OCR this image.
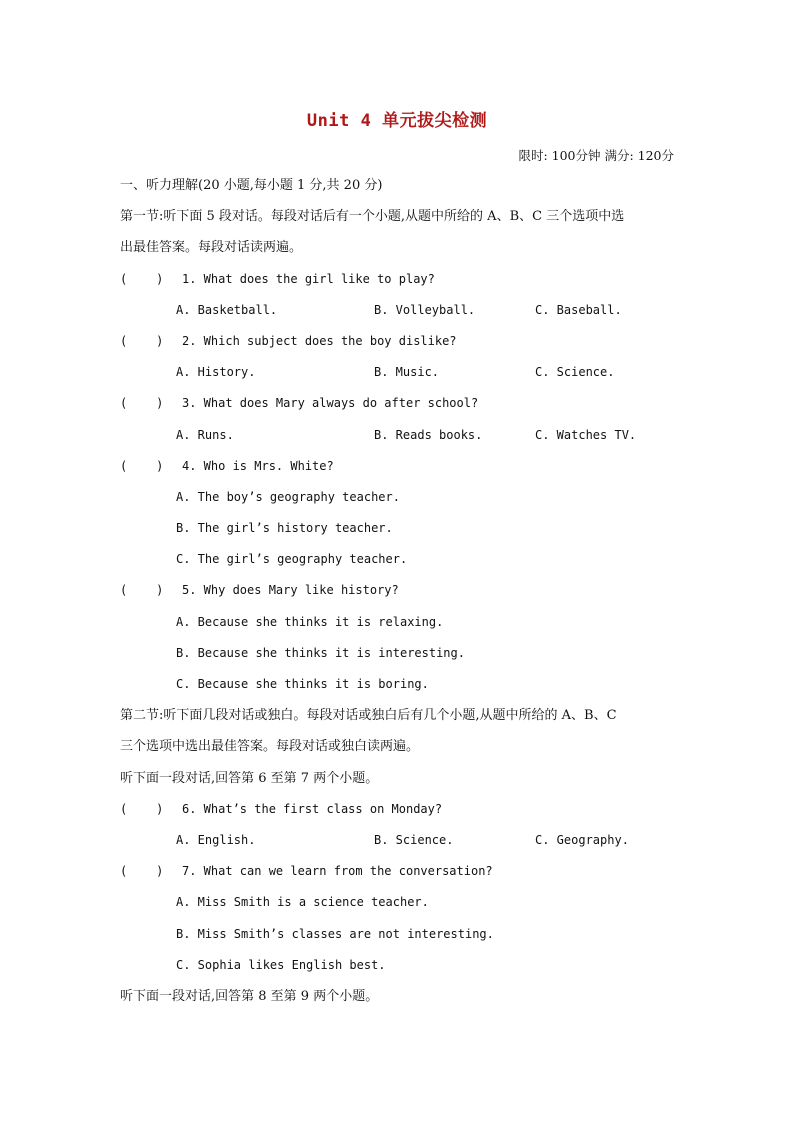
Unit 4 单元拔尖检测
限时: 100分钟 满分: 120分
一、听力理解(20 小题,每小题 1 分,共 20 分)
第一节:听下面 5 段对话。每段对话后有一个小题,从题中所给的 A、B、C 三个选项中选
出最佳答案。每段对话读两遍。
(    )	1. What does the girl like to play?
A. Basketball.	B. Volleyball.	C. Baseball.
(    )	2. Which subject does the boy dislike?
A. History.	B. Music.	C. Science.
(    )	3. What does Mary always do after school?
A. Runs.	B. Reads books.	C. Watches TV.
(    )	4. Who is Mrs. White?
A. The boy’s geography teacher.
B. The girl’s history teacher.
C. The girl’s geography teacher.
(    )	5. Why does Mary like history?
A. Because she thinks it is relaxing.
B. Because she thinks it is interesting.
C. Because she thinks it is boring.
第二节:听下面几段对话或独白。每段对话或独白后有几个小题,从题中所给的 A、B、C
三个选项中选出最佳答案。每段对话或独白读两遍。
听下面一段对话,回答第 6 至第 7 两个小题。
(    )	6. What’s the first class on Monday?
A. English.	B. Science.	C. Geography.
(    )	7. What can we learn from the conversation?
A. Miss Smith is a science teacher.
B. Miss Smith’s classes are not interesting.
C. Sophia likes English best.
听下面一段对话,回答第 8 至第 9 两个小题。
